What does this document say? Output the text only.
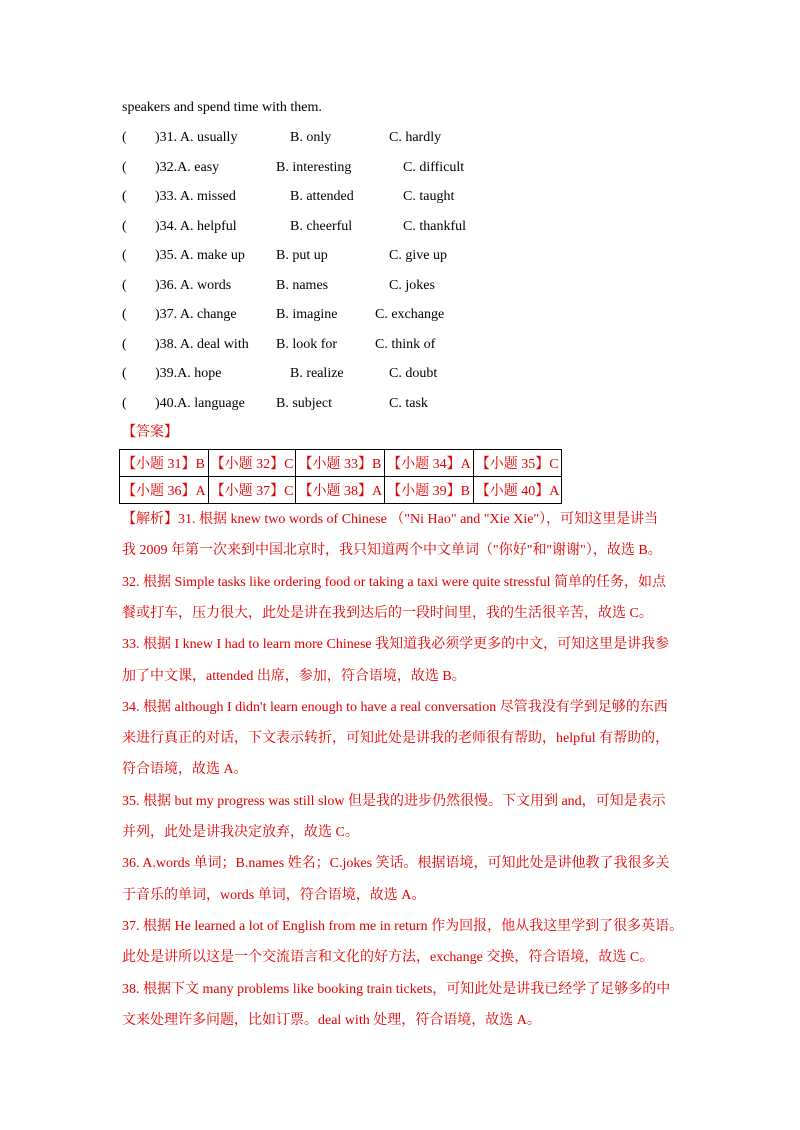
speakers and spend time with them.
( )31. A. usually	B. only	C. hardly
( )32.A. easy	B. interesting	C. difficult
( )33. A. missed	B. attended	C. taught
( )34. A. helpful	B. cheerful	C. thankful
( )35. A. make up B. put up	C. give up
( )36. A. words	B. names	C. jokes
( )37. A. change	B. imagine	C. exchange
( )38. A. deal with B. look for	C. think of
( )39.A. hope	B. realize	C. doubt
( )40.A. language B. subject	C. task
【答案】
【小题 31】B	【小题 32】C	【小题 33】B	【小题 34】A	【小题 35】C
【小题 36】A	【小题 37】C	【小题 38】A	【小题 39】B	【小题 40】A
【解析】31. 根据 knew two words of Chinese （"Ni Hao" and "Xie Xie"），可知这里是讲当
我 2009 年第一次来到中国北京时，我只知道两个中文单词（"你好"和"谢谢"），故选 B。
32. 根据 Simple tasks like ordering food or taking a taxi were quite stressful 简单的任务，如点
餐或打车，压力很大，此处是讲在我到达后的一段时间里，我的生活很辛苦，故选 C。
33. 根据 I knew I had to learn more Chinese 我知道我必须学更多的中文，可知这里是讲我参
加了中文课，attended 出席，参加，符合语境，故选 B。
34. 根据 although I didn't learn enough to have a real conversation 尽管我没有学到足够的东西
来进行真正的对话，下文表示转折，可知此处是讲我的老师很有帮助，helpful 有帮助的，
符合语境，故选 A。
35. 根据 but my progress was still slow 但是我的进步仍然很慢。下文用到 and，可知是表示
并列，此处是讲我决定放弃，故选 C。
36. A.words 单词；B.names 姓名；C.jokes 笑话。根据语境，可知此处是讲他教了我很多关
于音乐的单词，words 单词，符合语境，故选 A。
37. 根据 He learned a lot of English from me in return 作为回报，他从我这里学到了很多英语。
此处是讲所以这是一个交流语言和文化的好方法，exchange 交换，符合语境，故选 C。
38. 根据下文 many problems like booking train tickets，可知此处是讲我已经学了足够多的中
文来处理许多问题，比如订票。deal with 处理，符合语境，故选 A。
